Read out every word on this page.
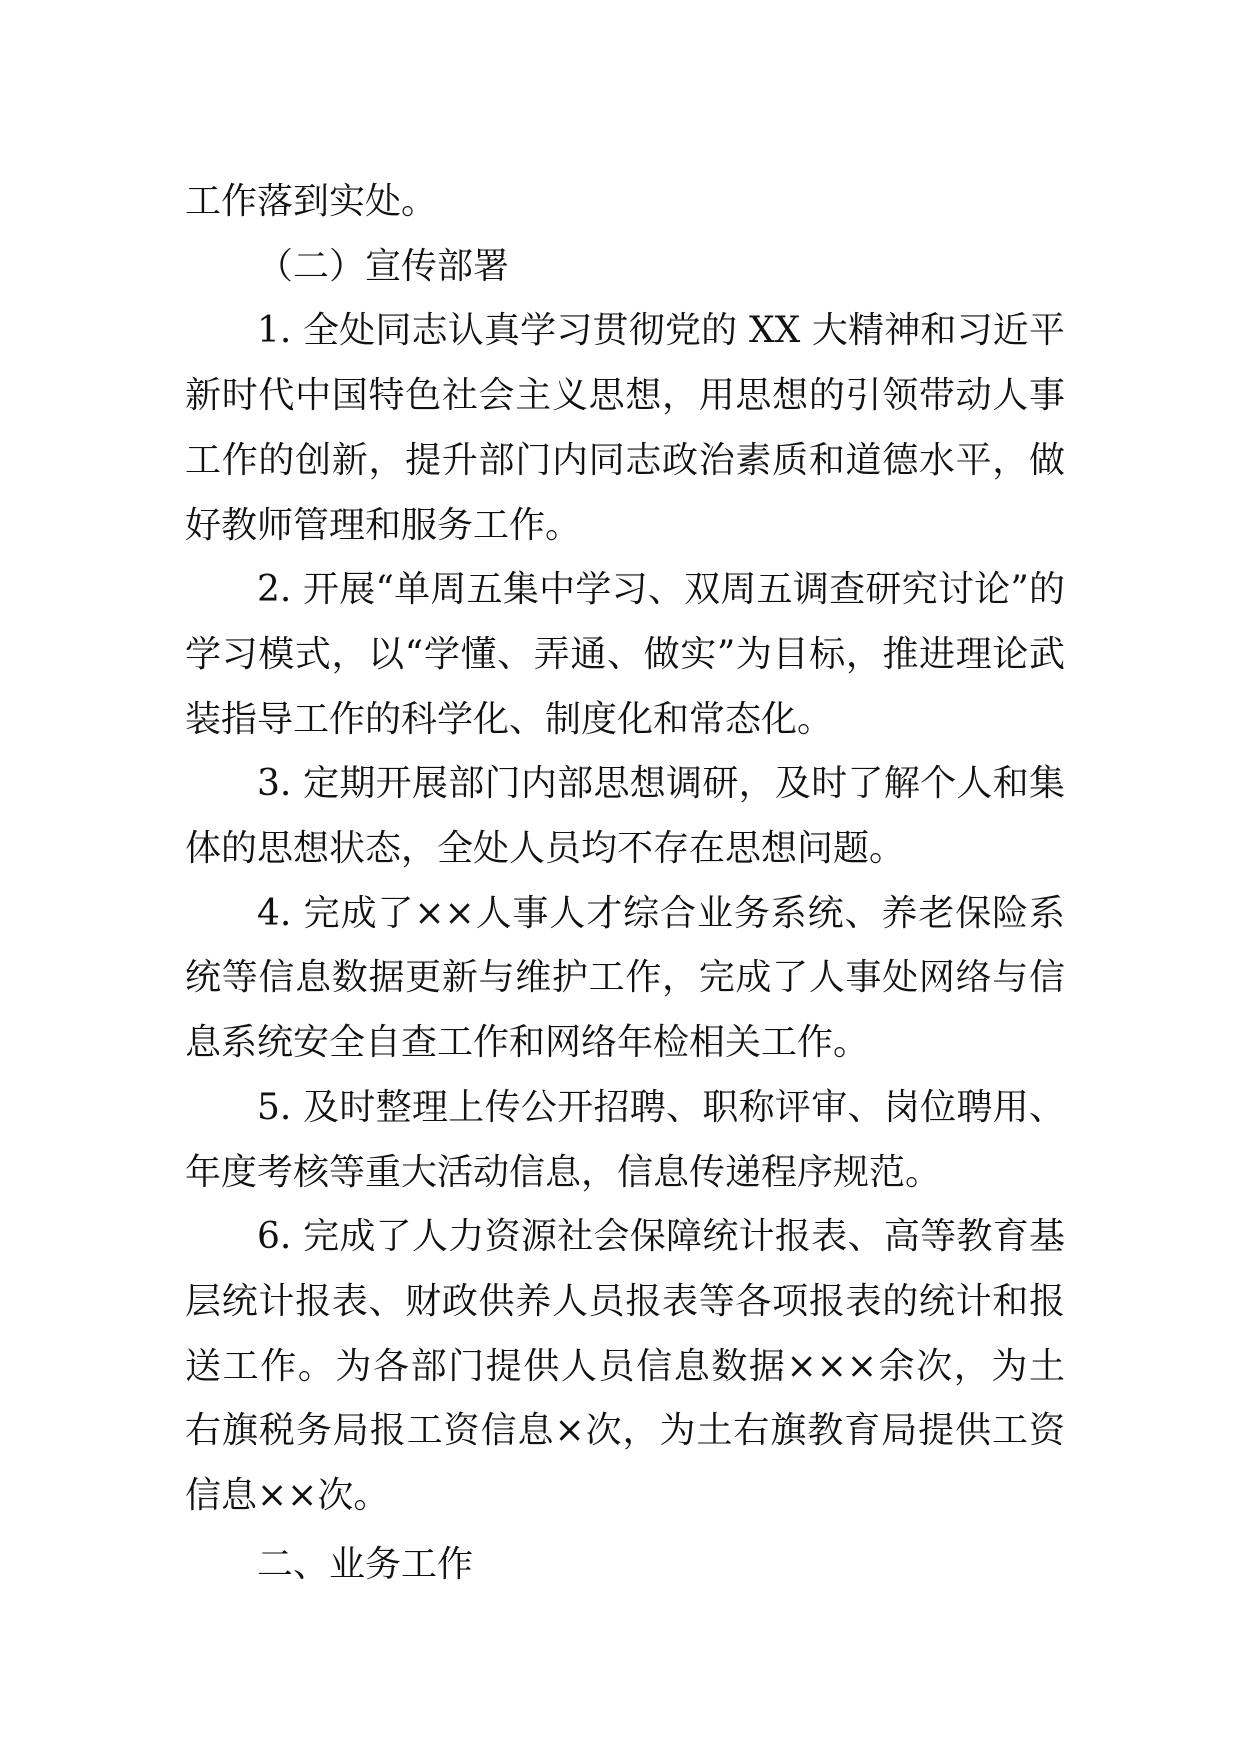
工作落到实处。

（二）宣传部署

1. 全处同志认真学习贯彻党的 XX 大精神和习近平新时代中国特色社会主义思想，用思想的引领带动人事工作的创新，提升部门内同志政治素质和道德水平，做好教师管理和服务工作。

2. 开展“单周五集中学习、双周五调查研究讨论”的学习模式，以“学懂、弄通、做实”为目标，推进理论武装指导工作的科学化、制度化和常态化。

3. 定期开展部门内部思想调研，及时了解个人和集体的思想状态，全处人员均不存在思想问题。

4. 完成了××人事人才综合业务系统、养老保险系统等信息数据更新与维护工作，完成了人事处网络与信息系统安全自查工作和网络年检相关工作。

5. 及时整理上传公开招聘、职称评审、岗位聘用、年度考核等重大活动信息，信息传递程序规范。

6. 完成了人力资源社会保障统计报表、高等教育基层统计报表、财政供养人员报表等各项报表的统计和报送工作。为各部门提供人员信息数据×××余次，为土右旗税务局报工资信息×次，为土右旗教育局提供工资信息××次。

二、业务工作
